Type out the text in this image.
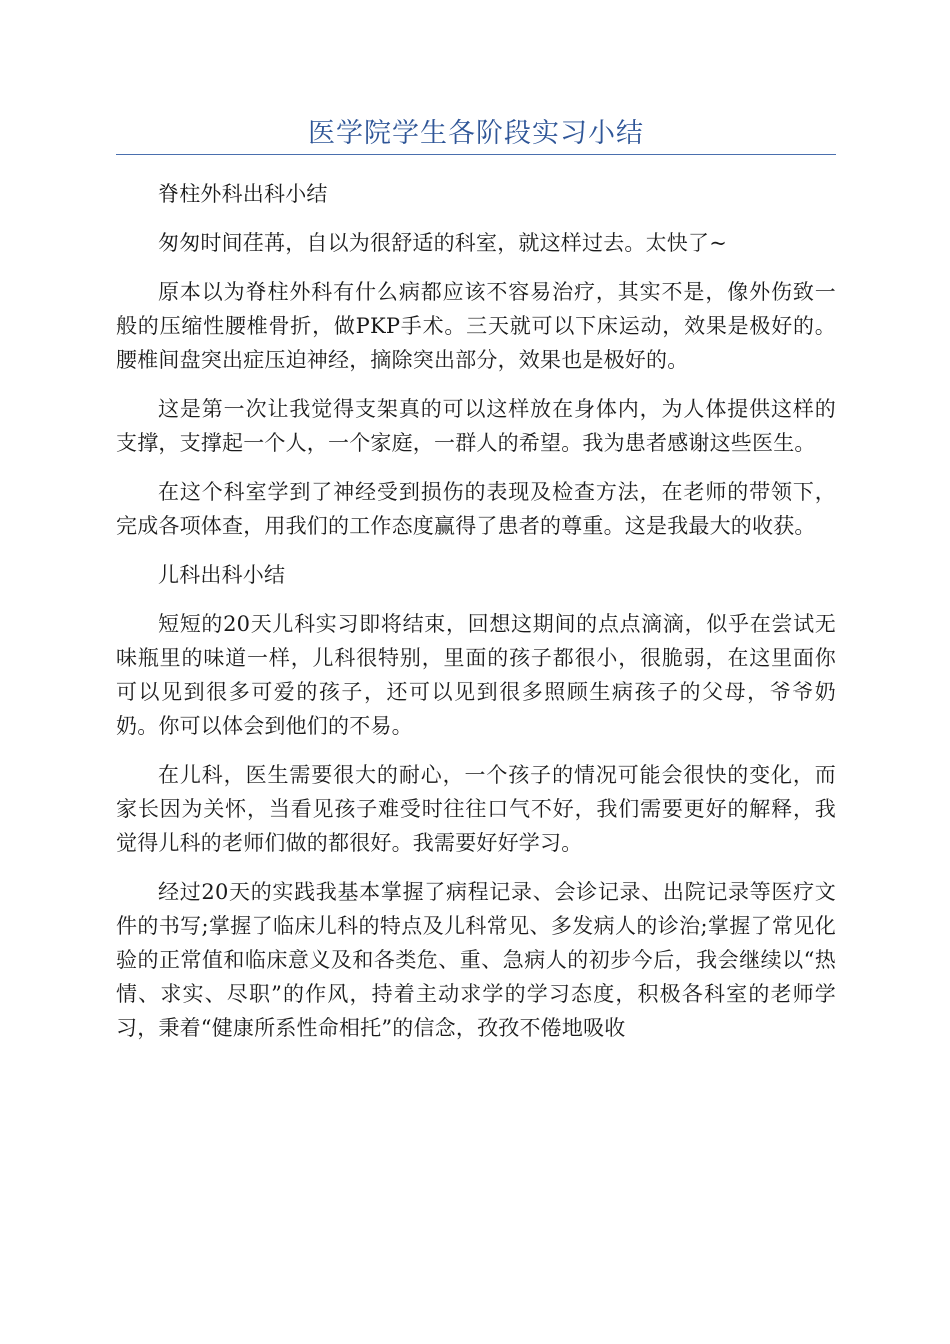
医学院学生各阶段实习小结

脊柱外科出科小结

匆匆时间荏苒，自以为很舒适的科室，就这样过去。太快了~

原本以为脊柱外科有什么病都应该不容易治疗，其实不是，像外伤致一般的压缩性腰椎骨折，做PKP手术。三天就可以下床运动，效果是极好的。腰椎间盘突出症压迫神经，摘除突出部分，效果也是极好的。

这是第一次让我觉得支架真的可以这样放在身体内，为人体提供这样的支撑，支撑起一个人，一个家庭，一群人的希望。我为患者感谢这些医生。

在这个科室学到了神经受到损伤的表现及检查方法，在老师的带领下，完成各项体查，用我们的工作态度赢得了患者的尊重。这是我最大的收获。

儿科出科小结

短短的20天儿科实习即将结束，回想这期间的点点滴滴，似乎在尝试无味瓶里的味道一样，儿科很特别，里面的孩子都很小，很脆弱，在这里面你可以见到很多可爱的孩子，还可以见到很多照顾生病孩子的父母，爷爷奶奶。你可以体会到他们的不易。

在儿科，医生需要很大的耐心，一个孩子的情况可能会很快的变化，而家长因为关怀，当看见孩子难受时往往口气不好，我们需要更好的解释，我觉得儿科的老师们做的都很好。我需要好好学习。

经过20天的实践我基本掌握了病程记录、会诊记录、出院记录等医疗文件的书写;掌握了临床儿科的特点及儿科常见、多发病人的诊治;掌握了常见化验的正常值和临床意义及和各类危、重、急病人的初步今后，我会继续以“热情、求实、尽职”的作风，持着主动求学的学习态度，积极各科室的老师学习，秉着“健康所系性命相托”的信念，孜孜不倦地吸收
